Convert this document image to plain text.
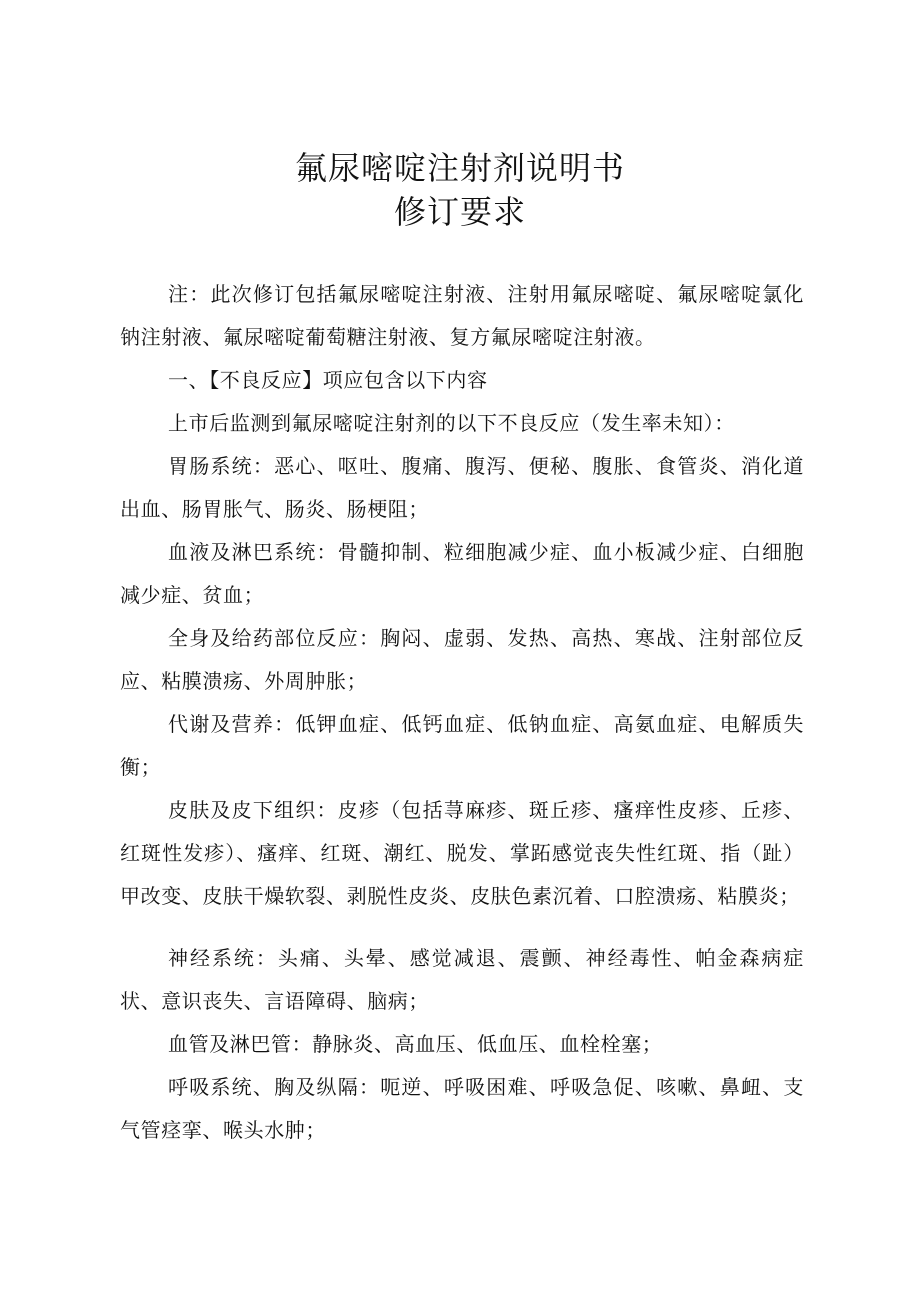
氟尿嘧啶注射剂说明书
修订要求

注：此次修订包括氟尿嘧啶注射液、注射用氟尿嘧啶、氟尿嘧啶氯化钠注射液、氟尿嘧啶葡萄糖注射液、复方氟尿嘧啶注射液。

一、【不良反应】项应包含以下内容

上市后监测到氟尿嘧啶注射剂的以下不良反应（发生率未知）：

胃肠系统：恶心、呕吐、腹痛、腹泻、便秘、腹胀、食管炎、消化道出血、肠胃胀气、肠炎、肠梗阻；

血液及淋巴系统：骨髓抑制、粒细胞减少症、血小板减少症、白细胞减少症、贫血；

全身及给药部位反应：胸闷、虚弱、发热、高热、寒战、注射部位反应、粘膜溃疡、外周肿胀；

代谢及营养：低钾血症、低钙血症、低钠血症、高氨血症、电解质失衡；

皮肤及皮下组织：皮疹（包括荨麻疹、斑丘疹、瘙痒性皮疹、丘疹、红斑性发疹）、瘙痒、红斑、潮红、脱发、掌跖感觉丧失性红斑、指（趾）甲改变、皮肤干燥软裂、剥脱性皮炎、皮肤色素沉着、口腔溃疡、粘膜炎；

神经系统：头痛、头晕、感觉减退、震颤、神经毒性、帕金森病症状、意识丧失、言语障碍、脑病；

血管及淋巴管：静脉炎、高血压、低血压、血栓栓塞；

呼吸系统、胸及纵隔：呃逆、呼吸困难、呼吸急促、咳嗽、鼻衄、支气管痉挛、喉头水肿；
